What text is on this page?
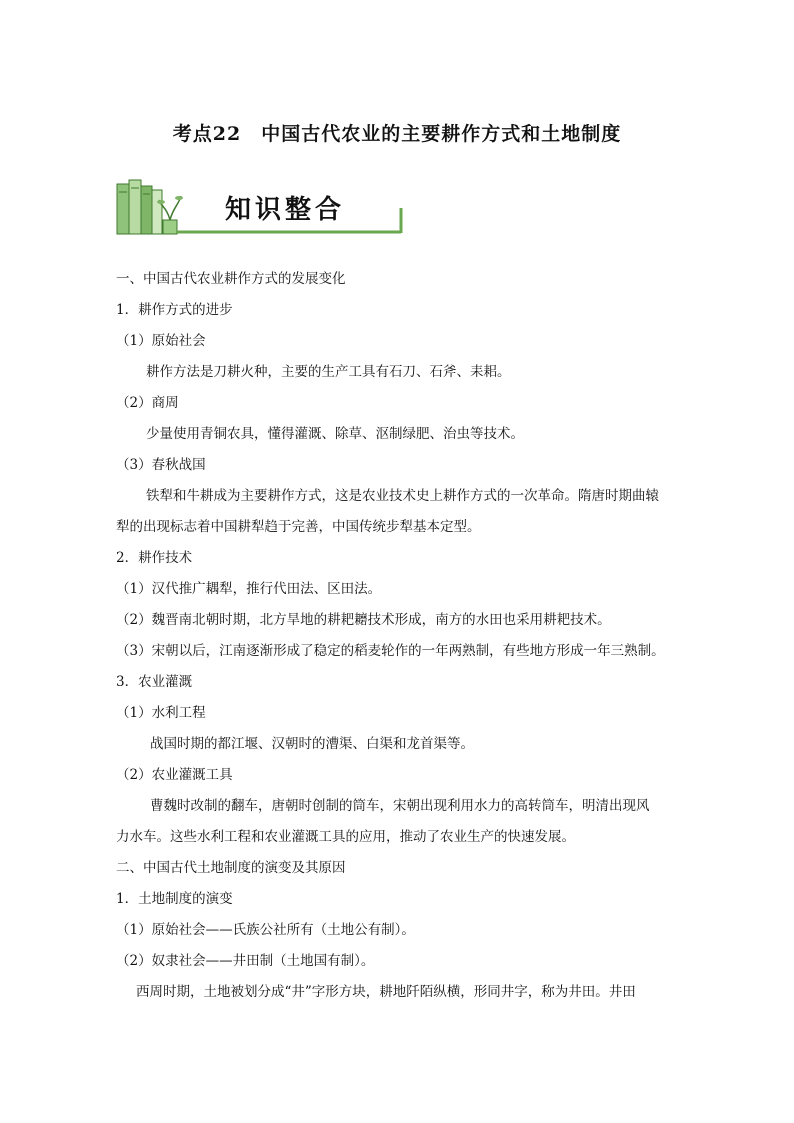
考点22　中国古代农业的主要耕作方式和土地制度
知识整合
一、中国古代农业耕作方式的发展变化
1．耕作方式的进步
（1）原始社会
耕作方法是刀耕火种，主要的生产工具有石刀、石斧、耒耜。
（2）商周
少量使用青铜农具，懂得灌溉、除草、沤制绿肥、治虫等技术。
（3）春秋战国
铁犁和牛耕成为主要耕作方式，这是农业技术史上耕作方式的一次革命。隋唐时期曲辕
犁的出现标志着中国耕犁趋于完善，中国传统步犁基本定型。
2．耕作技术
（1）汉代推广耦犁，推行代田法、区田法。
（2）魏晋南北朝时期，北方旱地的耕耙耱技术形成，南方的水田也采用耕耙技术。
（3）宋朝以后，江南逐渐形成了稳定的稻麦轮作的一年两熟制，有些地方形成一年三熟制。
3．农业灌溉
（1）水利工程
战国时期的都江堰、汉朝时的漕渠、白渠和龙首渠等。
（2）农业灌溉工具
曹魏时改制的翻车，唐朝时创制的筒车，宋朝出现利用水力的高转筒车，明清出现风
力水车。这些水利工程和农业灌溉工具的应用，推动了农业生产的快速发展。
二、中国古代土地制度的演变及其原因
1．土地制度的演变
（1）原始社会——氏族公社所有（土地公有制）。
（2）奴隶社会——井田制（土地国有制）。
西周时期，土地被划分成“井”字形方块，耕地阡陌纵横，形同井字，称为井田。井田
